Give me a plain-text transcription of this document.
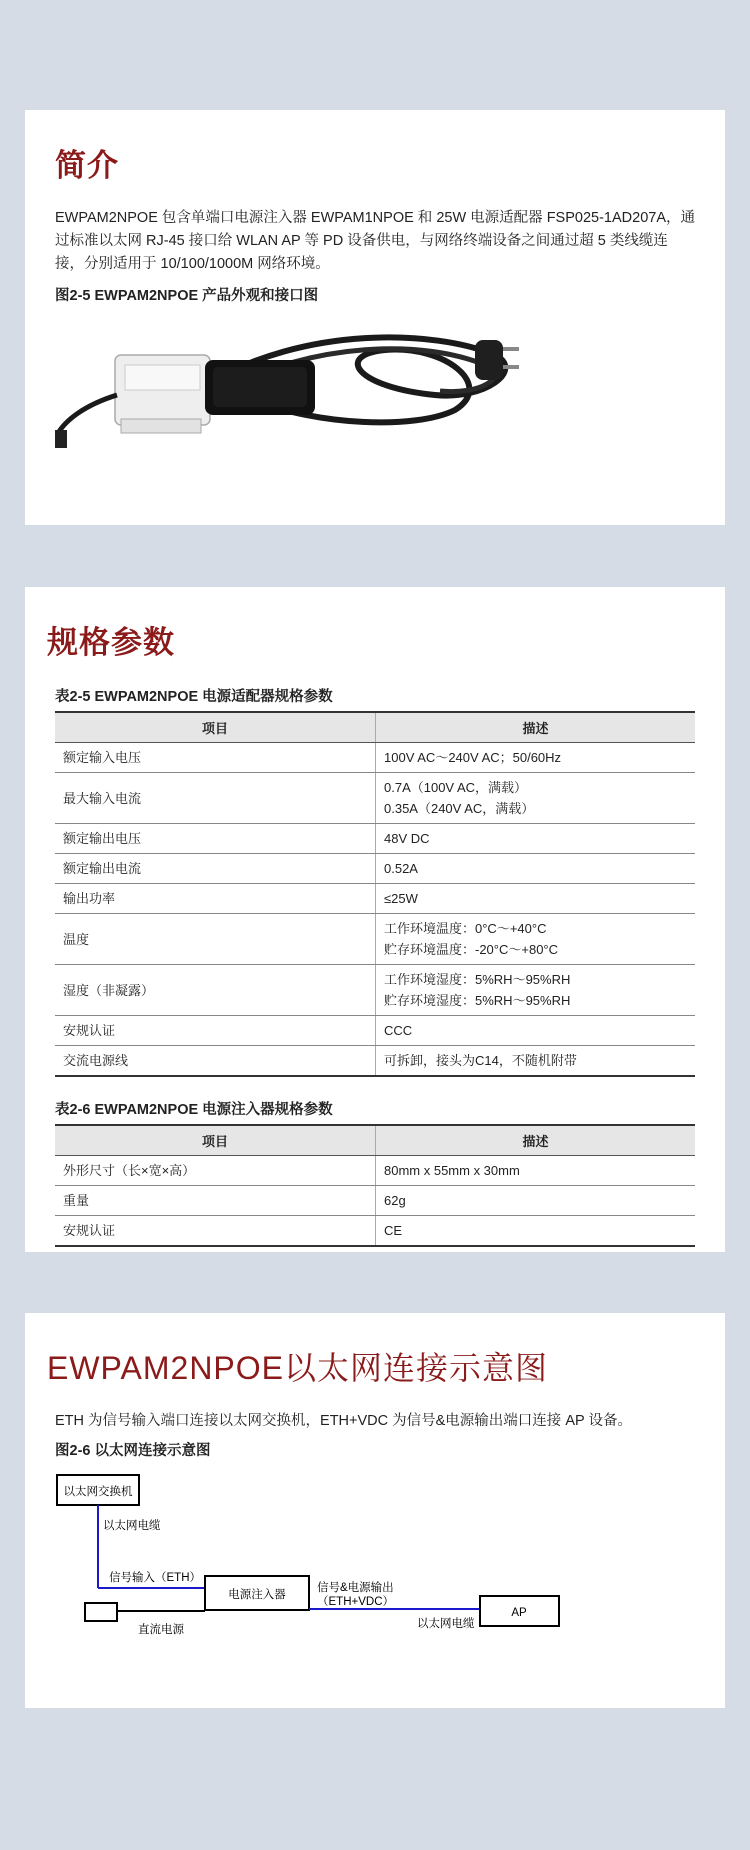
简介
EWPAM2NPOE 包含单端口电源注入器 EWPAM1NPOE 和 25W 电源适配器 FSP025-1AD207A，通过标准以太网 RJ-45 接口给 WLAN AP 等 PD 设备供电，与网络终端设备之间通过超 5 类线缆连接，分别适用于 10/100/1000M 网络环境。
图2-5 EWPAM2NPOE 产品外观和接口图
规格参数
表2-5 EWPAM2NPOE 电源适配器规格参数
项目	描述
额定输入电压	100V AC～240V AC；50/60Hz

最大输入电流	0.7A（100V AC，满载）
0.35A（240V AC，满载）

额定输出电压	48V DC

额定输出电流	0.52A

输出功率	≤25W

温度	工作环境温度：0°C～+40°C
贮存环境温度：-20°C～+80°C

湿度（非凝露）	工作环境湿度：5%RH～95%RH
贮存环境湿度：5%RH～95%RH

安规认证	CCC

交流电源线	可拆卸，接头为C14，不随机附带
表2-6 EWPAM2NPOE 电源注入器规格参数
项目	描述
外形尺寸（长×宽×高）	80mm x 55mm x 30mm

重量	62g

安规认证	CE
EWPAM2NPOE以太网连接示意图
ETH 为信号输入端口连接以太网交换机，ETH+VDC 为信号&电源输出端口连接 AP 设备。
图2-6 以太网连接示意图
以太网交换机
以太网电缆
信号输入（ETH）
电源注入器
直流电源
信号&电源输出
（ETH+VDC）
以太网电缆
AP
